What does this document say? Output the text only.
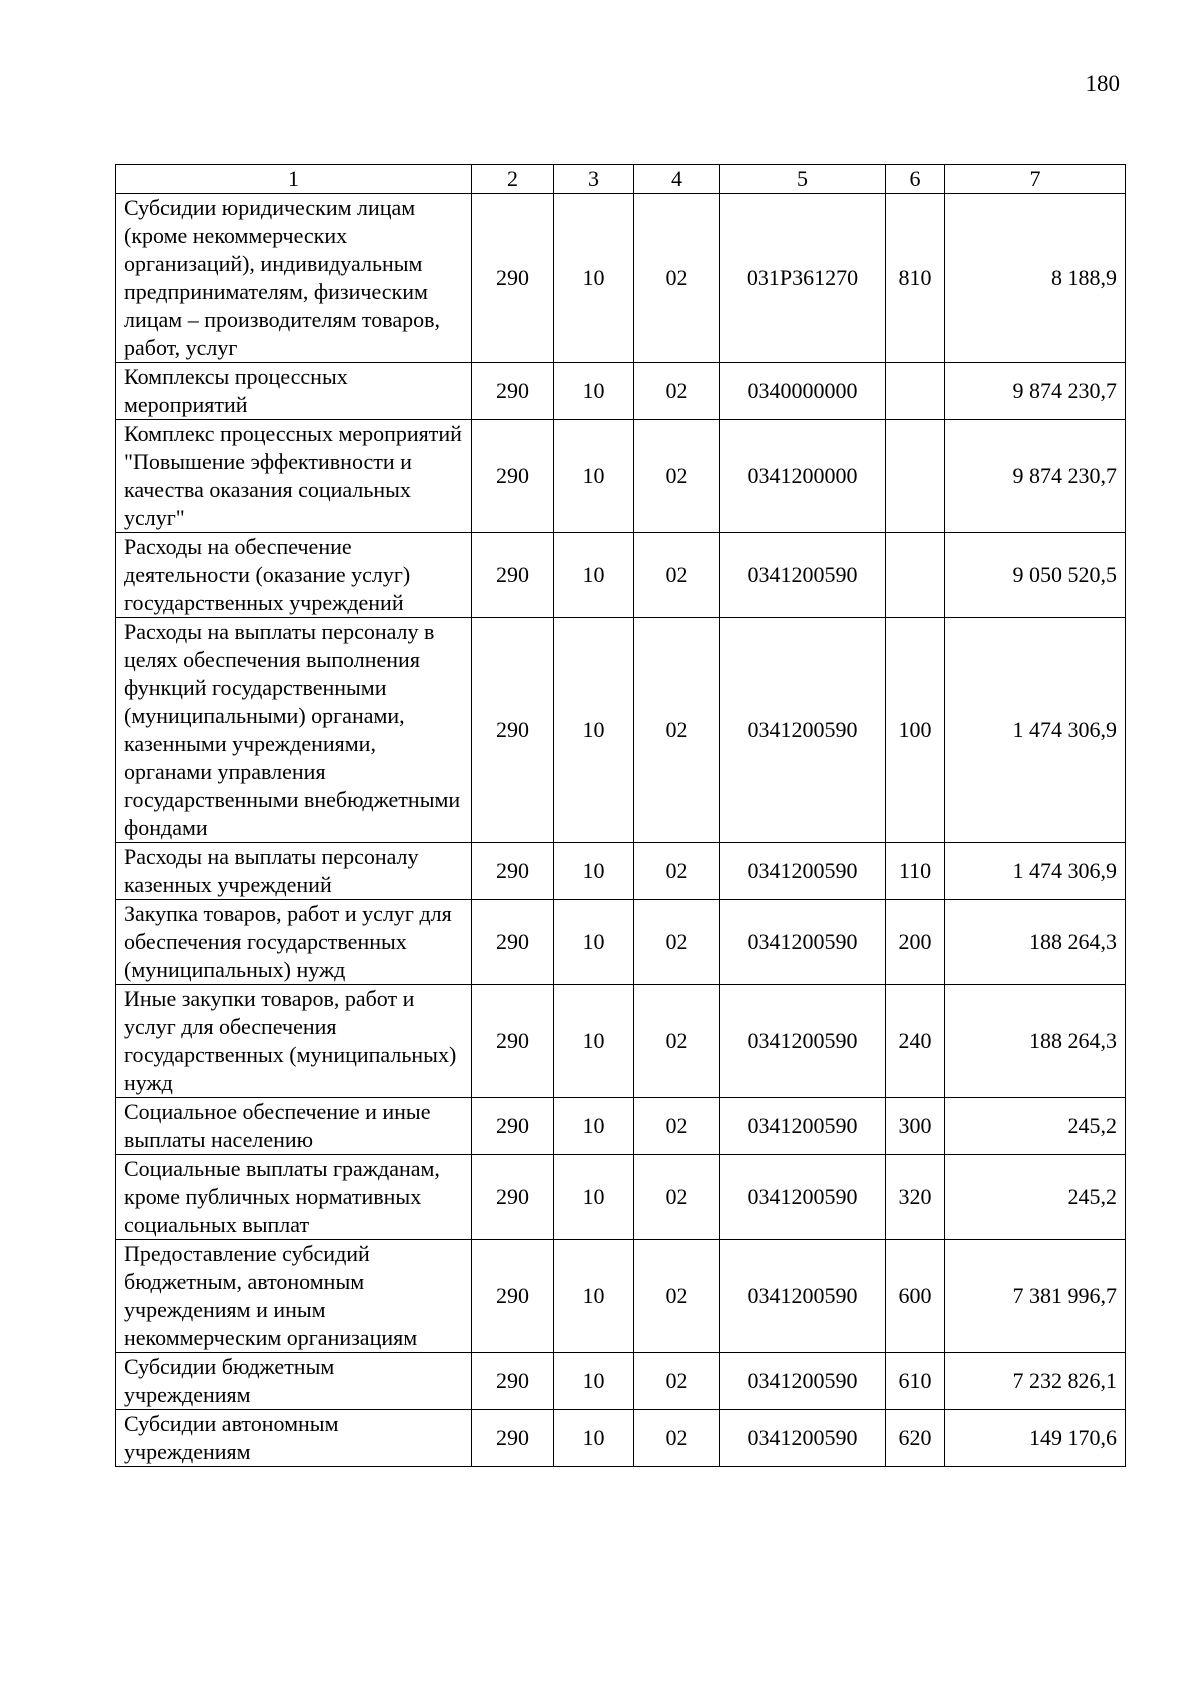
180
1	2	3	4	5	6	7
Субсидии юридическим лицам (кроме некоммерческих организаций), индивидуальным предпринимателям, физическим лицам – производителям товаров, работ, услуг	290	10	02	031P361270	810	8 188,9
Комплексы процессных мероприятий	290	10	02	0340000000		9 874 230,7
Комплекс процессных мероприятий "Повышение эффективности и качества оказания социальных услуг"	290	10	02	0341200000		9 874 230,7
Расходы на обеспечение деятельности (оказание услуг) государственных учреждений	290	10	02	0341200590		9 050 520,5
Расходы на выплаты персоналу в целях обеспечения выполнения функций государственными (муниципальными) органами, казенными учреждениями, органами управления государственными внебюджетными фондами	290	10	02	0341200590	100	1 474 306,9
Расходы на выплаты персоналу казенных учреждений	290	10	02	0341200590	110	1 474 306,9
Закупка товаров, работ и услуг для обеспечения государственных (муниципальных) нужд	290	10	02	0341200590	200	188 264,3
Иные закупки товаров, работ и услуг для обеспечения государственных (муниципальных) нужд	290	10	02	0341200590	240	188 264,3
Социальное обеспечение и иные выплаты населению	290	10	02	0341200590	300	245,2
Социальные выплаты гражданам, кроме публичных нормативных социальных выплат	290	10	02	0341200590	320	245,2
Предоставление субсидий бюджетным, автономным учреждениям и иным некоммерческим организациям	290	10	02	0341200590	600	7 381 996,7
Субсидии бюджетным учреждениям	290	10	02	0341200590	610	7 232 826,1
Субсидии автономным учреждениям	290	10	02	0341200590	620	149 170,6
